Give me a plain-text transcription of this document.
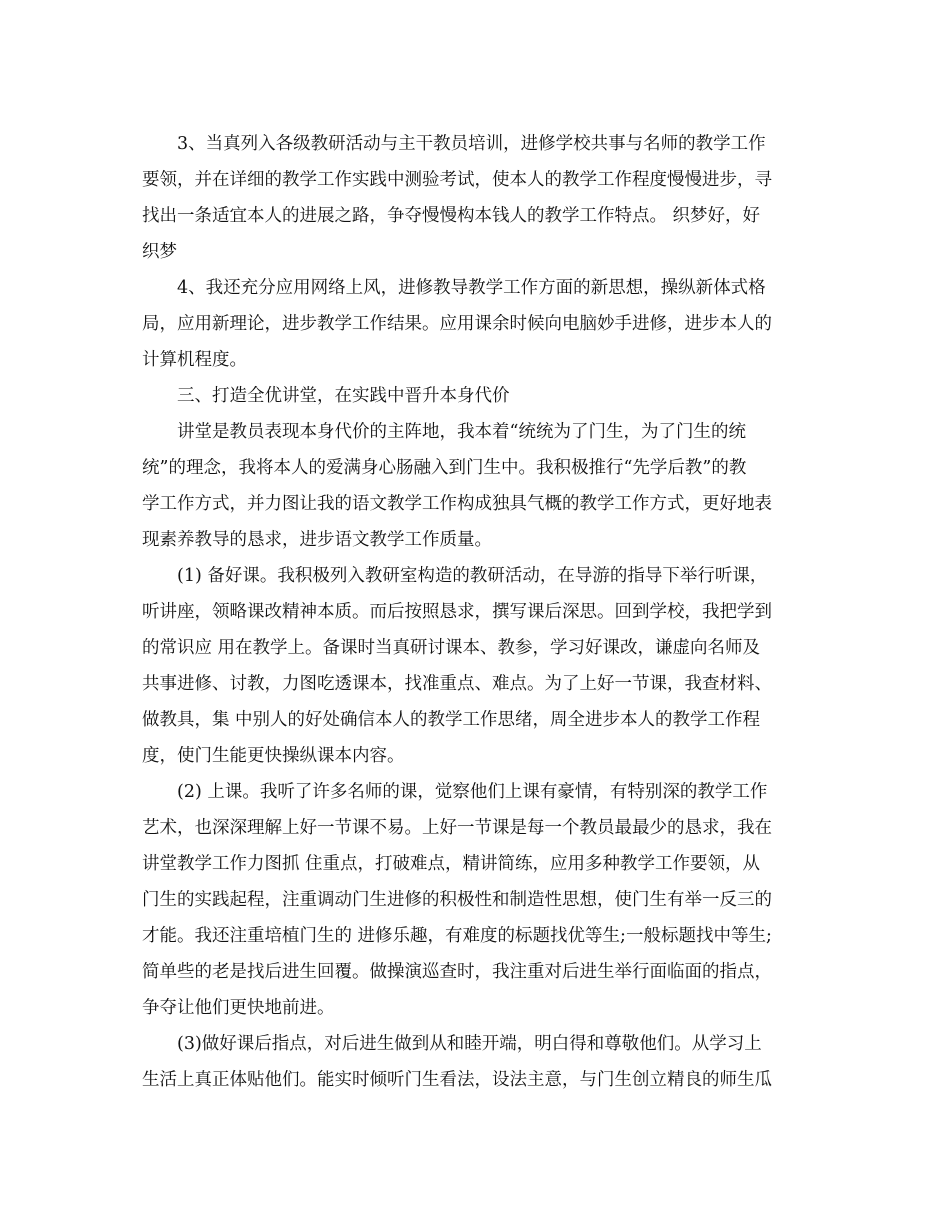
3、当真列入各级教研活动与主干教员培训，进修学校共事与名师的教学工作
要领，并在详细的教学工作实践中测验考试，使本人的教学工作程度慢慢进步，寻
找出一条适宜本人的进展之路，争夺慢慢构本钱人的教学工作特点。 织梦好，好
织梦
4、我还充分应用网络上风，进修教导教学工作方面的新思想，操纵新体式格
局，应用新理论，进步教学工作结果。应用课余时候向电脑妙手进修，进步本人的
计算机程度。
三、打造全优讲堂，在实践中晋升本身代价
讲堂是教员表现本身代价的主阵地，我本着“统统为了门生，为了门生的统
统”的理念，我将本人的爱满身心肠融入到门生中。我积极推行“先学后教”的教
学工作方式，并力图让我的语文教学工作构成独具气概的教学工作方式，更好地表
现素养教导的恳求，进步语文教学工作质量。
(1) 备好课。我积极列入教研室构造的教研活动，在导游的指导下举行听课，
听讲座，领略课改精神本质。而后按照恳求，撰写课后深思。回到学校，我把学到
的常识应 用在教学上。备课时当真研讨课本、教参，学习好课改，谦虚向名师及
共事进修、讨教，力图吃透课本，找准重点、难点。为了上好一节课，我查材料、
做教具，集 中别人的好处确信本人的教学工作思绪，周全进步本人的教学工作程
度，使门生能更快操纵课本内容。
(2) 上课。我听了许多名师的课，觉察他们上课有豪情，有特别深的教学工作
艺术，也深深理解上好一节课不易。上好一节课是每一个教员最最少的恳求，我在
讲堂教学工作力图抓 住重点，打破难点，精讲简练，应用多种教学工作要领，从
门生的实践起程，注重调动门生进修的积极性和制造性思想，使门生有举一反三的
才能。我还注重培植门生的 进修乐趣，有难度的标题找优等生;一般标题找中等生;
简单些的老是找后进生回覆。做操演巡查时，我注重对后进生举行面临面的指点，
争夺让他们更快地前进。
(3)做好课后指点，对后进生做到从和睦开端，明白得和尊敬他们。从学习上
生活上真正体贴他们。能实时倾听门生看法，设法主意，与门生创立精良的师生瓜
